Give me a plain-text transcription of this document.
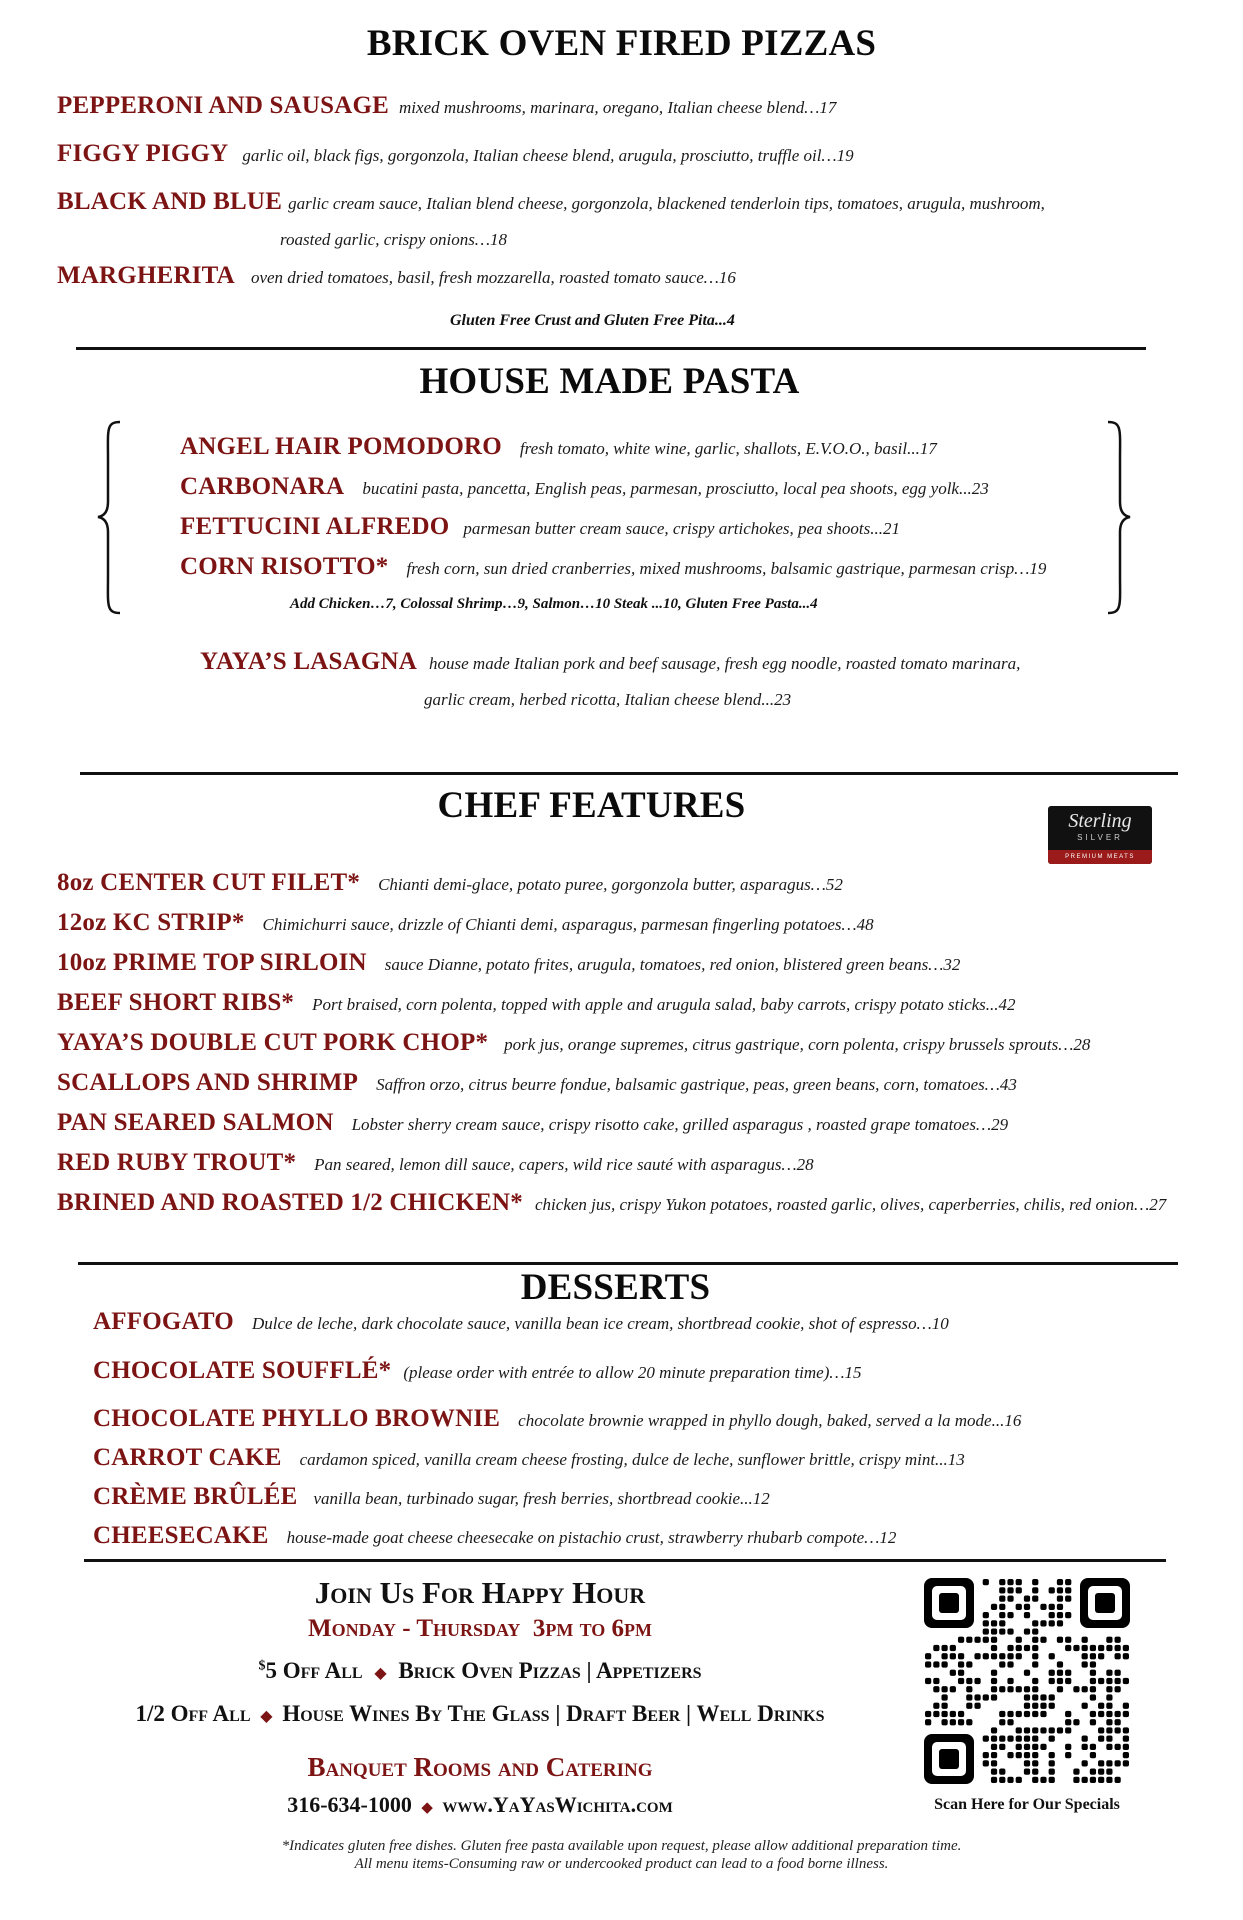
BRICK OVEN FIRED PIZZAS
PEPPERONI AND SAUSAGE mixed mushrooms, marinara, oregano, Italian cheese blend…17
FIGGY PIGGY garlic oil, black figs, gorgonzola, Italian cheese blend, arugula, prosciutto, truffle oil…19
BLACK AND BLUE garlic cream sauce, Italian blend cheese, gorgonzola, blackened tenderloin tips, tomatoes, arugula, mushroom,
roasted garlic, crispy onions…18
MARGHERITA oven dried tomatoes, basil, fresh mozzarella, roasted tomato sauce…16
Gluten Free Crust and Gluten Free Pita...4
HOUSE MADE PASTA
ANGEL HAIR POMODORO fresh tomato, white wine, garlic, shallots, E.V.O.O., basil...17
CARBONARA bucatini pasta, pancetta, English peas, parmesan, prosciutto, local pea shoots, egg yolk...23
FETTUCINI ALFREDO parmesan butter cream sauce, crispy artichokes, pea shoots...21
CORN RISOTTO* fresh corn, sun dried cranberries, mixed mushrooms, balsamic gastrique, parmesan crisp…19
Add Chicken…7, Colossal Shrimp…9, Salmon…10 Steak ...10, Gluten Free Pasta...4
YAYA’S LASAGNA house made Italian pork and beef sausage, fresh egg noodle, roasted tomato marinara,
garlic cream, herbed ricotta, Italian cheese blend...23
CHEF FEATURES	Sterling
SILVER
PREMIUM MEATS
8oz CENTER CUT FILET* Chianti demi-glace, potato puree, gorgonzola butter, asparagus…52
12oz KC STRIP* Chimichurri sauce, drizzle of Chianti demi, asparagus, parmesan fingerling potatoes…48
10oz PRIME TOP SIRLOIN sauce Dianne, potato frites, arugula, tomatoes, red onion, blistered green beans…32
BEEF SHORT RIBS* Port braised, corn polenta, topped with apple and arugula salad, baby carrots, crispy potato sticks...42
YAYA’S DOUBLE CUT PORK CHOP* pork jus, orange supremes, citrus gastrique, corn polenta, crispy brussels sprouts…28
SCALLOPS AND SHRIMP Saffron orzo, citrus beurre fondue, balsamic gastrique, peas, green beans, corn, tomatoes…43
PAN SEARED SALMON Lobster sherry cream sauce, crispy risotto cake, grilled asparagus , roasted grape tomatoes…29
RED RUBY TROUT* Pan seared, lemon dill sauce, capers, wild rice sauté with asparagus…28
BRINED AND ROASTED 1/2 CHICKEN* chicken jus, crispy Yukon potatoes, roasted garlic, olives, caperberries, chilis, red onion…27
DESSERTS
AFFOGATO Dulce de leche, dark chocolate sauce, vanilla bean ice cream, shortbread cookie, shot of espresso…10
CHOCOLATE SOUFFLÉ* (please order with entrée to allow 20 minute preparation time)…15
CHOCOLATE PHYLLO BROWNIE chocolate brownie wrapped in phyllo dough, baked, served a la mode...16
CARROT CAKE cardamon spiced, vanilla cream cheese frosting, dulce de leche, sunflower brittle, crispy mint...13
CRÈME BRÛLÉE vanilla bean, turbinado sugar, fresh berries, shortbread cookie...12
CHEESECAKE house-made goat cheese cheesecake on pistachio crust, strawberry rhubarb compote…12
Join Us For Happy Hour
Monday - Thursday 3pm to 6pm
$5 Off All ◆ Brick Oven Pizzas | Appetizers
1/2 Off All ◆ House Wines By The Glass | Draft Beer | Well Drinks
Banquet Rooms and Catering
316-634-1000 ◆ www.YaYasWichita.com	Scan Here for Our Specials
*Indicates gluten free dishes. Gluten free pasta available upon request, please allow additional preparation time.
All menu items-Consuming raw or undercooked product can lead to a food borne illness.
